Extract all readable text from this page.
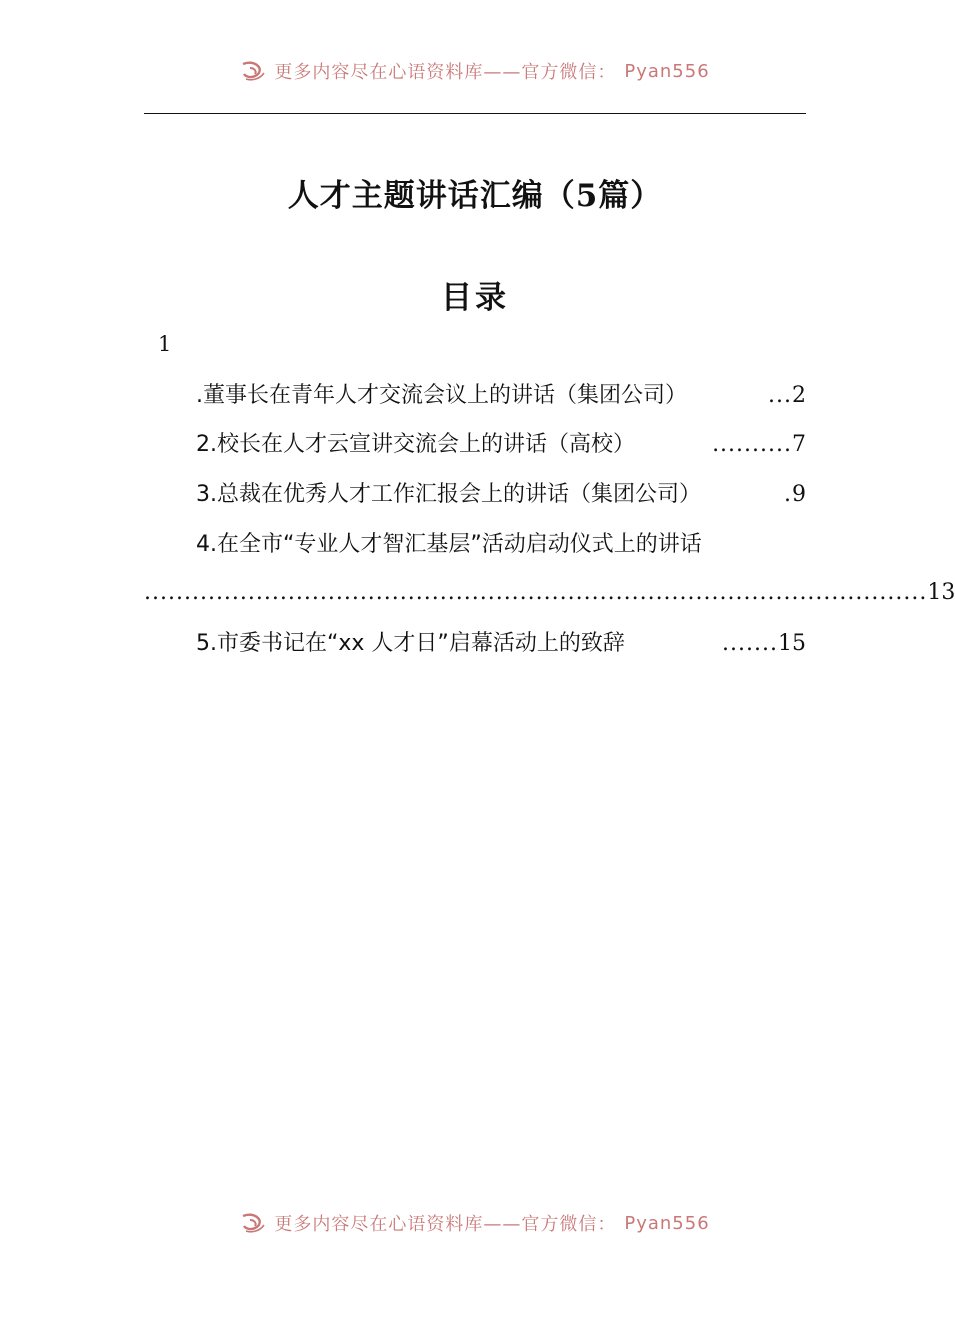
更多内容尽在心语资料库——官方微信： Pyan556
人才主题讲话汇编（5篇）
目录
1
.董事长在青年人才交流会议上的讲话（集团公司）	... 2
2.校长在人才云宣讲交流会上的讲话（高校）	.......... 7
3.总裁在优秀人才工作汇报会上的讲话（集团公司）	. 9
4.在全市“专业人才智汇基层”活动启动仪式上的讲话
.................................................................................................. 13
5.市委书记在“xx 人才日”启幕活动上的致辞	....... 15
更多内容尽在心语资料库——官方微信： Pyan556
